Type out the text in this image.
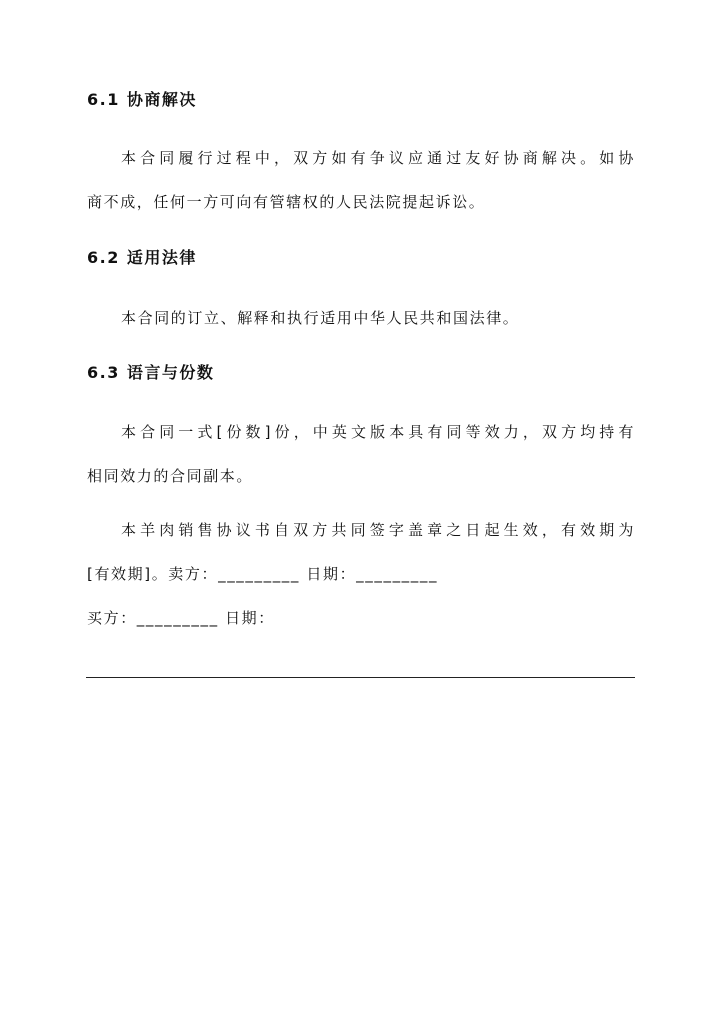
6.1 协商解决
本合同履行过程中，双方如有争议应通过友好协商解决。如协
商不成，任何一方可向有管辖权的人民法院提起诉讼。
6.2 适用法律
本合同的订立、解释和执行适用中华人民共和国法律。
6.3 语言与份数
本合同一式[份数]份，中英文版本具有同等效力，双方均持有
相同效力的合同副本。
本羊肉销售协议书自双方共同签字盖章之日起生效，有效期为
[有效期]。卖方：_________ 日期：_________
买方：_________ 日期：
